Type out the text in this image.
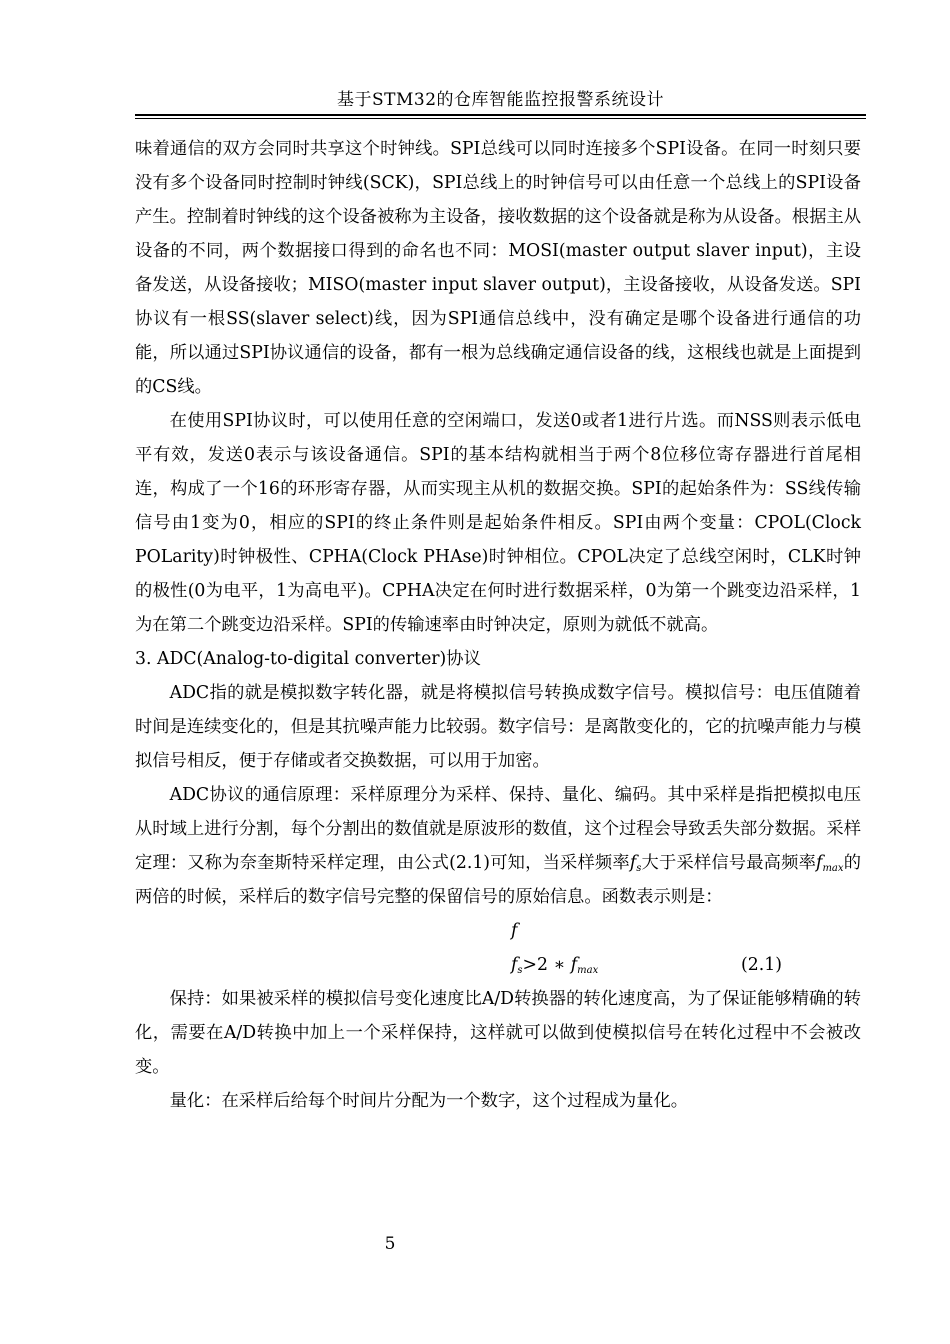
基于STM32的仓库智能监控报警系统设计

味着通信的双方会同时共享这个时钟线。SPI总线可以同时连接多个SPI设备。在同一时刻只要没有多个设备同时控制时钟线(SCK)，SPI总线上的时钟信号可以由任意一个总线上的SPI设备产生。控制着时钟线的这个设备被称为主设备，接收数据的这个设备就是称为从设备。根据主从设备的不同，两个数据接口得到的命名也不同：MOSI(master output slaver input)，主设备发送，从设备接收；MISO(master input slaver output)，主设备接收，从设备发送。SPI协议有一根SS(slaver select)线，因为SPI通信总线中，没有确定是哪个设备进行通信的功能，所以通过SPI协议通信的设备，都有一根为总线确定通信设备的线，这根线也就是上面提到的CS线。

在使用SPI协议时，可以使用任意的空闲端口，发送0或者1进行片选。而NSS则表示低电平有效，发送0表示与该设备通信。SPI的基本结构就相当于两个8位移位寄存器进行首尾相连，构成了一个16的环形寄存器，从而实现主从机的数据交换。SPI的起始条件为：SS线传输信号由1变为0，相应的SPI的终止条件则是起始条件相反。SPI由两个变量：CPOL(Clock POLarity)时钟极性、CPHA(Clock PHAse)时钟相位。CPOL决定了总线空闲时，CLK时钟的极性(0为电平，1为高电平)。CPHA决定在何时进行数据采样，0为第一个跳变边沿采样，1为在第二个跳变边沿采样。SPI的传输速率由时钟决定，原则为就低不就高。

3. ADC(Analog-to-digital converter)协议

ADC指的就是模拟数字转化器，就是将模拟信号转换成数字信号。模拟信号：电压值随着时间是连续变化的，但是其抗噪声能力比较弱。数字信号：是离散变化的，它的抗噪声能力与模拟信号相反，便于存储或者交换数据，可以用于加密。

ADC协议的通信原理：采样原理分为采样、保持、量化、编码。其中采样是指把模拟电压从时域上进行分割，每个分割出的数值就是原波形的数值，这个过程会导致丢失部分数据。采样定理：又称为奈奎斯特采样定理，由公式(2.1)可知，当采样频率$f_s$大于采样信号最高频率$f_{max}$的两倍的时候，采样后的数字信号完整的保留信号的原始信息。函数表示则是：

f
$f_s>2$ ∗ $f_{max}$	(2.1)

保持：如果被采样的模拟信号变化速度比A/D转换器的转化速度高，为了保证能够精确的转化，需要在A/D转换中加上一个采样保持，这样就可以做到使模拟信号在转化过程中不会被改变。

量化：在采样后给每个时间片分配为一个数字，这个过程成为量化。

5
